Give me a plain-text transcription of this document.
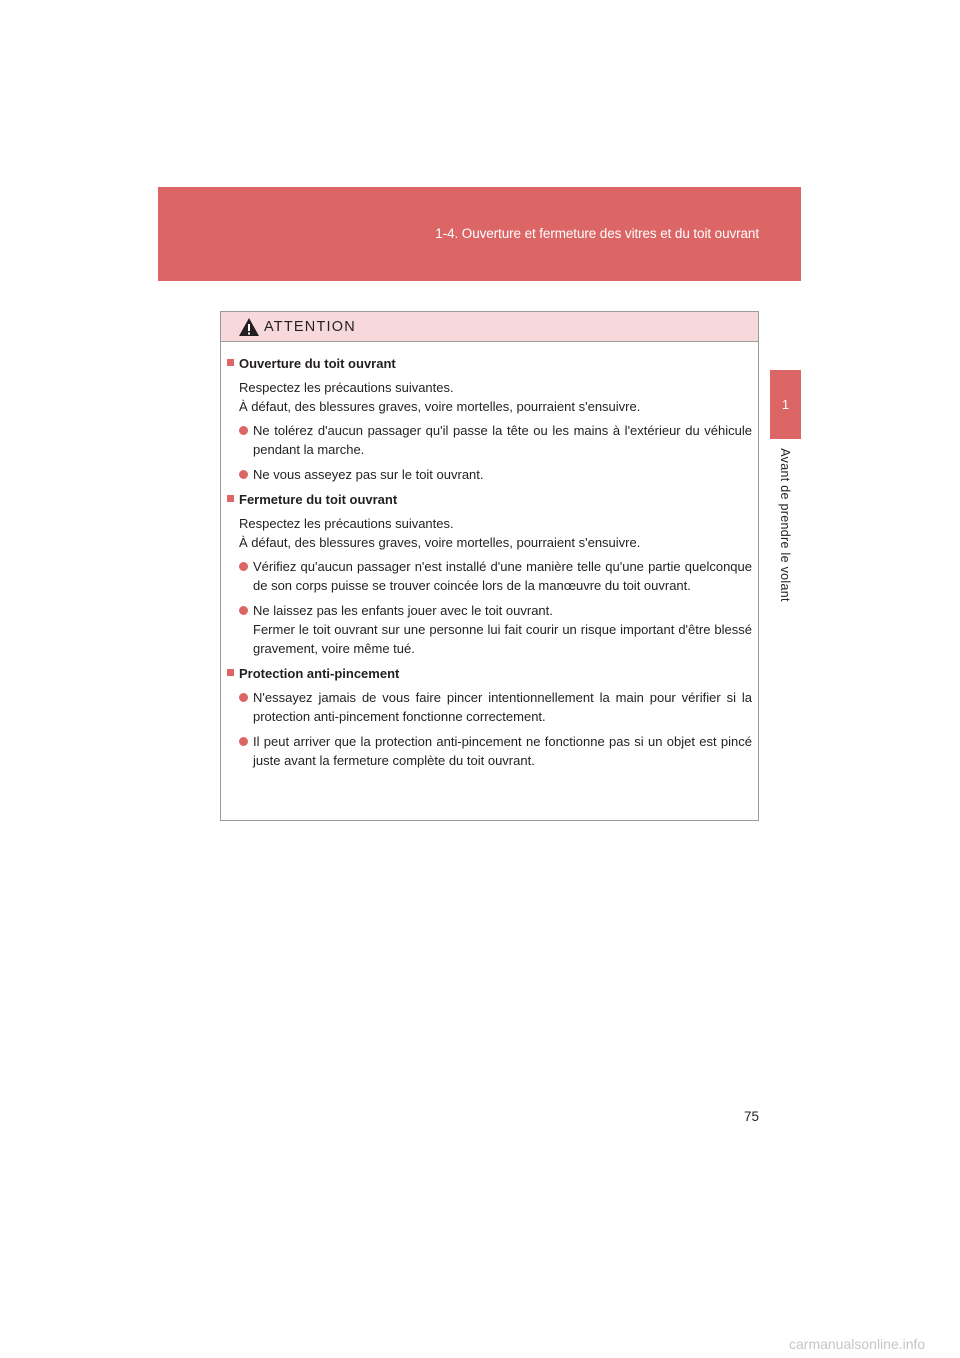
1-4. Ouverture et fermeture des vitres et du toit ouvrant
1
Avant de prendre le volant
ATTENTION
Ouverture du toit ouvrant
Respectez les précautions suivantes.
À défaut, des blessures graves, voire mortelles, pourraient s'ensuivre.
Ne tolérez d'aucun passager qu'il passe la tête ou les mains à l'extérieur du véhicule pendant la marche.
Ne vous asseyez pas sur le toit ouvrant.
Fermeture du toit ouvrant
Respectez les précautions suivantes.
À défaut, des blessures graves, voire mortelles, pourraient s'ensuivre.
Vérifiez qu'aucun passager n'est installé d'une manière telle qu'une partie quelconque de son corps puisse se trouver coincée lors de la manœuvre du toit ouvrant.
Ne laissez pas les enfants jouer avec le toit ouvrant.
Fermer le toit ouvrant sur une personne lui fait courir un risque important d'être blessé gravement, voire même tué.
Protection anti-pincement
N'essayez jamais de vous faire pincer intentionnellement la main pour vérifier si la protection anti-pincement fonctionne correctement.
Il peut arriver que la protection anti-pincement ne fonctionne pas si un objet est pincé juste avant la fermeture complète du toit ouvrant.
75
carmanualsonline.info
